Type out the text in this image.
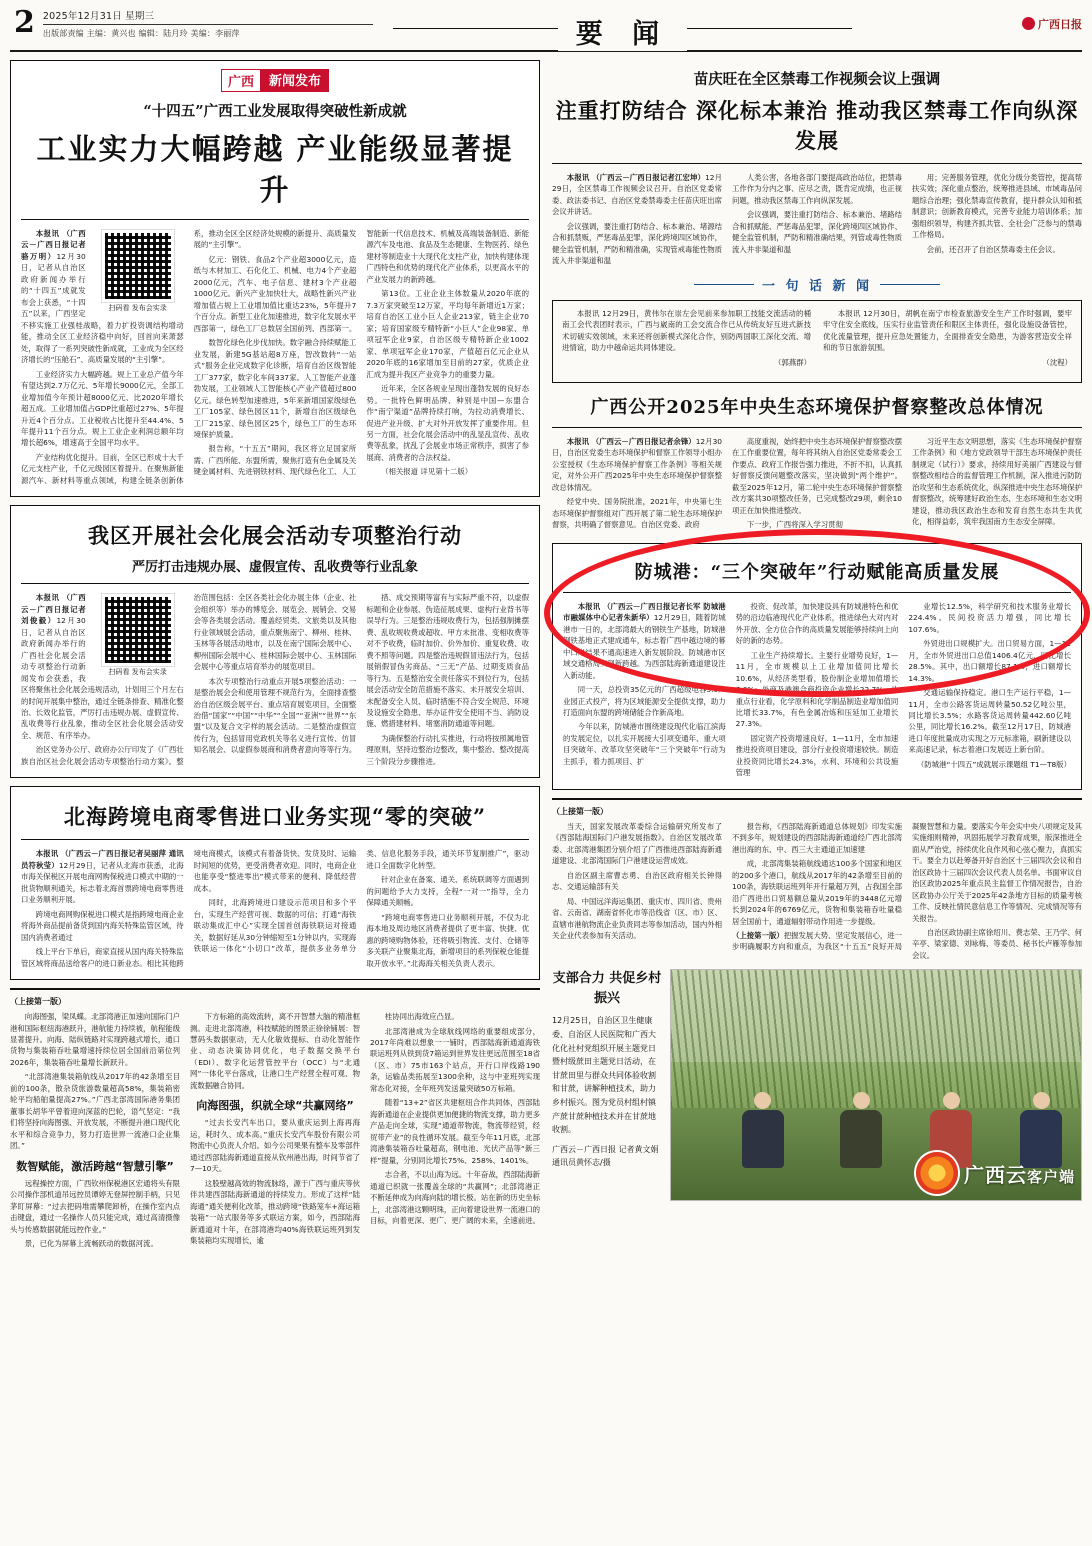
2 2025年12月31日 星期三
出版部责编 主编：黄兴也 编辑：陆月玲 美编：李丽萍	要 闻	广西日报
广西	新闻发布
“十四五”广西工业发展取得突破性新成就
工业实力大幅跨越 产业能级显著提升
扫码看 发布会实录

本报讯 （广西云－广西日报记者 骆万明）12月30日，记者从自治区政府新闻办举行的“十四五”成就发布会上获悉，“十四五”以来，广西坚定不移实施工业强桂战略，着力扩投资调结构增动能，推动全区工业经济稳中向好，回首向来萧瑟处，取得了一系列突破性新成就，工业成为全区经济增长的“压舱石”、高质量发展的“主引擎”。

工业经济实力大幅跨越。规上工业总产值今年有望达到2.7万亿元、5年增长9000亿元，全部工业增加值今年预计超8000亿元、比2020年增长超五成。工业增加值占GDP比重超过27%、5年提升近4个百分点。工业税收占比提升至44.4%、5年提升11个百分点。规上工业企业利润总额年均增长超6%，增速高于全国平均水平。

产业结构优化提升。目前，全区已形成十大千亿元支柱产业，千亿元级园区着提升。在聚焦新能源汽车、新材料等重点领域，构建全链条创新体系，推动全区全区经济处规模的新提升、高质量发展的“主引擎”。

亿元：钢铁、食品2个产业超3000亿元，造纸与木材加工、石化化工、机械、电力4个产业超2000亿元，汽车、电子信息、建材3个产业超1000亿元。新兴产业加快壮大，战略性新兴产业增加值占规上工业增加值比重达23%，5年提升7个百分点。新型工业化加速推进，数字化发展水平西部第一，绿色工厂总数居全国前列、西部第一。

数智化绿色化步伐加快。数字融合持续赋能工业发展，新建5G基站超8万座，智改数转“一站式”服务企业完成数字化诊断，培育自治区级智能工厂377家，数字化车间337家。人工智能产业蓬勃发展，工业领域人工智能核心产业产值超过800亿元。绿色转型加速推进，5年来新增国家级绿色工厂105家、绿色园区11个，新增自治区级绿色工厂215家、绿色园区25个，绿色工厂的生态环境保护质量。

报告称，“十五五”期间，我区将立足国家所需、广西所能、东盟所需，聚焦打造有色金属及关键金属材料、先进钢铁材料、现代绿色化工、人工智能新一代信息技术、机械及高端装备制造、新能源汽车及电池、食品及生态健康、生物医药、绿色建材等制造业十大现代化支柱产业，加快构建体现广西特色和优势的现代化产业体系，以更高水平的产业发展力的新跨越。

第13位。工业企业主体数量从2020年底的7.3万家突破至12万家，平均每年新增近1万家；培育自治区工业小巨人企业213家，链主企业70家；培育国家级专精特新“小巨人”企业98家、单项冠军企业9家，自治区级专精特新企业1002家、单项冠军企业170家，产值超百亿元企业从2020年底的16家增加至目前的27家，优质企业汇成为提升我区产业竞争力的重要力量。

近年来，全区各规业呈现出蓬勃发展的良好态势。一批特色鲜明品牌、种别是中国—东盟合作“南宁渠道”品牌持续打响，为拉动消费增长、促进产业升级、扩大对外开放发挥了重要作用。但另一方面，社会化展会活动中的乱显乱宣传、乱收费等乱象，扰乱了会展业市场正常秩序，损害了参展商、消费者的合法权益。

（相关报道 详见第十二版）

我区开展社会化展会活动专项整治行动
严厉打击违规办展、虚假宣传、乱收费等行业乱象
扫码看 发布会实录

本报讯 （广西云－广西日报记者刘俊毅）12月30日，记者从自治区政府新闻办举行的广西社会化展会活动专项整治行动新闻发布会获悉，我区将聚焦社会化展会违规活动，计划用三个月左右的时间开展集中整治，通过全链条排查、精准化整治、长效化监管，严厉打击违规办展、虚假宣传、乱收费等行业乱象，推动全区社会化展会活动安全、规范、有序举办。

治区党务办公厅、政府办公厅印发了《广西壮族自治区社会化展会活动专项整治行动方案》。整治范围包括：全区各类社会化办展主体（企业、社会组织等）举办的博览会、展览会、展销会、交易会等各类展会活动。覆盖经贸类、文旅类以及其他行业领域展会活动，重点聚焦南宁、柳州、桂林、玉林等各展活动地市，以及在南宁国际会展中心、柳州国际会展中心、桂林国际会展中心、玉林国际会展中心等重点培育举办的展览项目。

本次专项整治行动重点开展5项整治活动：一是整治展会会和使用管理不规范行为，全面排查整治自治区级会展平台、重点培育展览项目，全面整治借“国家”“中国”“中华”“全国”“亚洲”“世界”“东盟”以及复合文字样的展会活动。二是整治虚假宣传行为，包括冒用党政机关等名义进行宣传、仿冒知名展会、以虚假参展商和消费者意向等等行为。

措、成交预期等富有与实际严重不符，以虚假标题和企业参展、伪造征展成果、虚构行业背书等误导行为。三是整治违规收费行为，包括强制摊摆费、乱收规收费或超收、甲方未批准、变相收费等对不予收费，临时加价、价外加价、重复收费、收费不照等问题。四是整治违规假冒违法行为，包括展销假冒伪劣商品、“三无”产品、过期变质食品等行为。五是整治安全责任落实不到位行为，包括展会活动安全防范措施不落实、未开展安全培训、未配备安全人员、临时措施不符合安全规范、环境及设施安全隐患、举办证件安全使用不当、消防设施、燃措建材料、堵塞消防通道等问题。

为确保整治行动扎实推进，行动将按照属地管理原则，坚持边整治边整改，集中整治、整改提高三个阶段分步骤推进。

北海跨境电商零售进口业务实现“零的突破”

本报讯 （广西云－广西日报记者吴丽萍 通讯员符秋莹）12月29日，记者从北海市获悉，北海市海关保税区开展电商网购保税进口模式中期的一批货物顺利通关，标志着北海首票跨境电商零售进口业务顺利开展。

跨境电商网购保税进口模式是指跨境电商企业将海外商品提前备货到国内海关特殊监管区域，待国内消费者通过

线上平台下单后，商家直接从国内海关特殊监管区域将商品送给客户的进口新业态。相比其他跨境电商模式，该模式有着备货快、发货及时、运输时间短的优势，更受消费者欢迎。同时，电商企业也能享受“整进零出”模式带来的便利、降低经营成本。

同时，北海跨境进口建设示范项目和多个平台，实现生产经营可视、数据的可信；打通“海铁联动集成汇中心”实现全国首创海铁联运对接通关，数据好延从30分钟缩短至1分钟以内，实现海铁联运一体化“小切口”改革，提供多业务单分类、信息化服务手段，通关环节复制推广”，驱动进口全面数字化转型。

针对企业在备案、通关、系统联调等方面遇到的问题给予大力支持，全程“一对一”指导，全力保障通关顺畅。

“跨境电商零售进口业务顺利开展，不仅为北海本地及周边地区消费者提供了更丰富、快捷、优惠的跨境购物体验，还将吸引物流、支付、仓储等多关联产业聚集北海，新增项目的系列保税仓能提取开放水平。”北海海关相关负责人表示。

（上接第一版）

向海图强，梁凤蝶。北部湾港正加速向国际门户港和国际枢纽海港跃升，港航能力持续被，航程能级显著提升。向海、陆纵链路对实现跨越式增长，通口货物与集装箱吞吐量增速持续位居全国前沿第位列2026年，集装箱吞吐量增长新跃升。

“北部湾港集装箱航线从2017年的42条增至目前的100条，散杂货旅游数量超高58%，集装箱密轮平均船舶量提高27%。”广西北部湾国际港务集团董事长胡华平曾着迎向深蓝的巴轮，语气坚定：“我们将坚持向海图强、开放发展，不断提升港口现代化水平和综合竞争力，努力打造世界一流港口企业集团。”

数智赋能，激活跨越“智慧引擎”

远程操控方面，广西钦州保税港区宏通将头有限公司操作部机道吊远控员谭婷无登屏控制手柄，只见茅盯屏幕：“过去把码堆需攀爬卸桥，在操作室内点击键盘，通过一名操作人员只能完成，通过高清摄像头与传感数据就能远控作业。”

景，已化为屏幕上流畅跃动的数据河流。

下方标箱的高效流转，离不开智慧大脑的精准框测。走进北部湾港，科技赋能的图景正徐徐铺展：智慧码头数据驱动，无人化敏效提标、自动化智能作业、动态决策协同优化，电子数据交换平台（EDI）、数字化运营管控平台（OCC）与“北通网”一体化平台落成，让港口生产经营全程可观、物流数据融合协同。

向海图强，织就全球“共赢网络”

“过去长安汽车出口，要从重庆运到上海再海运，耗时久、成本高。”重庆长安汽车股份有限公司物流中心负责人介绍。如今公司果果有整车及零部件通过西部陆海新通道直接从钦州港出海，时间节省了7—10天。

这股壁越高效的物流脉络，源于广西与重庆等伙伴共建西部陆海新通道的持续发力。形成了这样“陆海通”通关便利化改革，推动跨境“铁路笼车+海运箱装箱”一站式服务等多式联运方案，如今，西部陆海新通道对十年，在部湾港均40%海铁联运班列到发集装箱均实现增长，逾

桂协同出海效应凸显。

北部湾港成为全球航线网络的重要组成部分，2017年尚难以想象一一铺时，西部陆海新通道海铁联运班列从铁到货7箱运到世界发往更远范围至18省（区、市）75市163个站点，开行口岸线路190条，运输品类拓展至1300余种，这与中亚班列实现常态化对接，全年班列发送量突破50万标箱。

随着“13+2”省区共建枢纽合作共同体，西部陆海新通道在企业提供更加便捷的物流支撑，助力更多产品走向全球，实现“通道带物流，物流带经贸，经贸带产业”的良性循环发展。截至今年11月底，北部湾港集装箱吞吐量超高，钢电池、光伏产品等“新三样”提量，分别同比增长75%、258%、1401%。

志合者，不以山海为远。十年奋战，西部陆海新通道已织就一张覆盖全球的“共赢网”；北部湾港正不断延伸成为向海向陆的增长极。站在新的历史坐标上，北部湾港这颗明珠，正向着建设世界一流港口的目标，向着更深、更广、更广阔的未来，全速前进。

苗庆旺在全区禁毒工作视频会议上强调
注重打防结合 深化标本兼治 推动我区禁毒工作向纵深发展

本报讯 （广西云－广西日报记者江宏坤）12月29日，全区禁毒工作视频会议召开。自治区党委常委、政法委书记、自治区党委禁毒委主任苗庆旺出席会议并讲话。

会议强调，要注重打防结合、标本兼治、堵源结合和抓禁贩，严惩毒品犯罪，深化跨境四区域协作，健全监管机制，严防和精准确，实现管戒毒能性物质流入井非渠道和温

人类公害，各地各部门要提高政治站位，把禁毒工作作为分内之事、应尽之责，既肯定成绩，也正视问题，推动我区禁毒工作向纵深发展。

会议强调，要注重打防结合、标本兼治、堵路结合和抓赋能、严惩毒品犯罪，深化跨境四区域协作、健全监管机制，严防和精准确结果，列管或毒性物质流入井非渠道和温

用；完善服务管理，优化分级分类管控，提高帮扶实效；深化重点整治，统筹推进县域、市域毒品问题综合治理；强化禁毒宣传教育，提升群众认知和抵制意识；创新教育模式，完善专业能力培训体系；加强组织领导，构建齐抓共管、全社会广泛参与的禁毒工作格局。

会前，还召开了自治区禁毒委主任会议。

一 句 话 新 闻

本报讯 12月29日，黄伟尔在崇左会见前来参加职工技能交流活动的桶南工会代表团时表示，广西与崴南的工会交流合作已从传统友好互进式新技术切磋实效领域，未来还将创新模式深化合作，别防两国职工深化交流、增进情谊，助力中越命运共同体建设。

（郭燕群）

本报讯 12月30日，胡帆在南宁市检查旅游安全生产工作时强调，要牢牢守住安全底线，压实行业监管责任和限区主体责任，强化设施设备管控，优化流量管理，提升应急处置能力，全面排查安全隐患，为游客营造安全祥和的节日旅游氛围。

（沈程）

广西公开2025年中央生态环境保护督察整改总体情况

本报讯 （广西云－广西日报记者余锋）12月30日，自治区党委生态环境保护和督察工作领导小组办公室授权《生态环境保护督察工作条例》等相关规定，对外公开广西2025年中央生态环境保护督察整改总体情况。

经党中央、国务院批准，2021年，中央第七生态环境保护督察组对广西开展了第二轮生态环境保护督察，共明确了督察意见。自治区党委、政府

高度重视，始终把中央生态环境保护督察整改摆在工作重要位置，每年将其纳入自治区党委常委会工作要点、政府工作报告强力推进，不折不扣，认真抓好督察反馈问题整改落实，坚决做到“两个维护”。截至2025年12月，第二轮中央生态环境保护督察整改方案共30项整改任务，已完成整改29项，剩余10项正在加快推进整改。

下一步，广西将深入学习贯彻

习近平生态文明思想，落实《生态环境保护督察工作条例》和《地方党政领导干部生态环境保护责任制规定（试行）》要求，持续用好美丽广西建设与督察整改相结合的监督管理工作机制，深入推进污防防治攻坚和生态系统优化，纵深推进中央生态环境保护督察整改，统筹建好政治生态、生态环境和生态文明建设，推动我区政治生态和发育自然生态共生共优化，相得益彰，筑牢我国南方生态安全屏障。

防城港：“三个突破年”行动赋能高质量发展

本报讯 （广西云－广西日报记者长军 防城港市融媒体中心记者朱新华）12月29日，随着防城港市一日的，北部湾最大的钢铁生产基地，防城港钢铁基地正式建成通车，标志着广西中越边境的幕中口岸结果不通高速进入新发展阶段。防城港市区域交通格局实现新跨越。为西部陆海新通道建设注入新动能。

同一天，总投资35亿元的广西超级电容5.0产业园正式投产，将为区域能源安全提供支撑，助力打造面向东盟的跨境储能合作新高地。

今年以来，防城港市围绕建设现代化临江滨海的发展定位，以扎实开展接大引项变通年、重大项目突破年、改革攻坚突破年“三个突破年”行动为主抓手，着力抓项目、扩

投资、促改革，加快建设具有防城港特色和优势的沿边临港现代化产业体系，推进绿色大对内对外开放、全方位合作的高质量发展能够持续向上向好的新的态势。

工业生产持续增长。主要行业增势良好，1—11月，全市规模以上工业增加值同比增长10.6%，从经济类型看，股份制企业增加值增长6.0%；外商及港澳合商投资企业增长22.7%。从重点行业看，化学原料和化学制品制造业增加值同比增长33.7%，有色金属冶炼和压延加工业增长27.3%。

固定资产投资增速良好。1—11月，全市加速推进投资项目建设，部分行业投资增速较快。制造业投资同比增长24.3%，水利、环境和公共设施管理

业增长12.5%，科学研究和技术服务业增长224.4%。民间投资活力增强，同比增长107.6%。

外贸进出口规模扩大。出口贸易方面，1—11月，全市外贸进出口总值1406.4亿元，同比增长28.5%。其中，出口额增长87.1%，进口额增长14.3%。

交通运输保持稳定。港口生产运行平稳，1—11月，全市公路客货运周转量50.52亿吨公里，同比增长3.5%；水路客货运周转量442.60亿吨公里，同比增长16.2%。截至12月17日，防城港进口年度批量成功实现之万元标准箱，刷新建设以来高速记录，标志着港口发展迈上新台阶。

（防城港“十四五”成就展示课题组 T1—T8版）

（上接第一版）

当天，国家发展改革委综合运输研究所发布了《西部陆海国际门户港发展指数》。自治区发展改革委、北部湾港集团分别介绍了广西推进西部陆海新通道建设、北部湾国际门户港建设运营成效。

自治区副主席曹志勇、自治区政府相关长钟得志、交通运输部有关

局、中国远洋海运集团、重庆市、四川省、贵州省、云南省、湖南省怀化市等沿线省（区、市）区、直辖市港航物流企业负责同志等参加活动，国内外相关企业代表参加有关活动。

报告称，《西部陆海新通道总体规划》印发实施不到多年，规划建设的西部陆海新通道经广西北部湾港出海的东、中、西三大主通道正加速建

成，北部湾集装箱航线通达100多个国家和地区的200多个港口，航线从2017年的42条增至目前的100条，海铁联运班列年开行量超万列，占我国全部沿广西进出口贸易额总量从2019年的3448亿元增长到2024年的6769亿元，货物和集装箱吞吐量稳居全国前十，通道辐射带动作用进一步提级。

（上接第一版）把握发展大势、坚定发展信心，进一步明确履职方向和重点，为我区“十五五”良好开局凝聚智慧和力量。要落实今年会实中央八项规定及其实施细则精神，巩固拓展学习教育成果，版深推进全面从严治党，持续优化良作风和心弦心聚力，真抓实干。要全力以赴筹备开好自治区十三届四次会议和自治区政协十三届四次会议代表人员名单。书面审议自治区政协2025年重点民主监督工作情况报告，自治区政协办公厅关于2025年42条地方目标的质量考核工作、反映社情民意信息工作等情况、完成情况等有关报告。

自治区政协副主席徐绍川、费志荣、王乃学、何辛亭、梁家德、刘咏梅、等委员、秘书长卢雁等参加会议。

支部合力 共促乡村振兴
12月25日，自治区卫生健康委、自治区人民医院和广西大化化社村党组织开展主题党日暨村级蔗田主题党日活动，在甘蔗田里与群众共同体验收割和甘蔗，讲解种植技术，助力乡村振兴。图为党员村组村镇产蔗甘蔗种植技术并在甘蔗地收割。
广西云－广西日报 记者黄文娟 通讯员黄怀志/摄
广西云客户端
